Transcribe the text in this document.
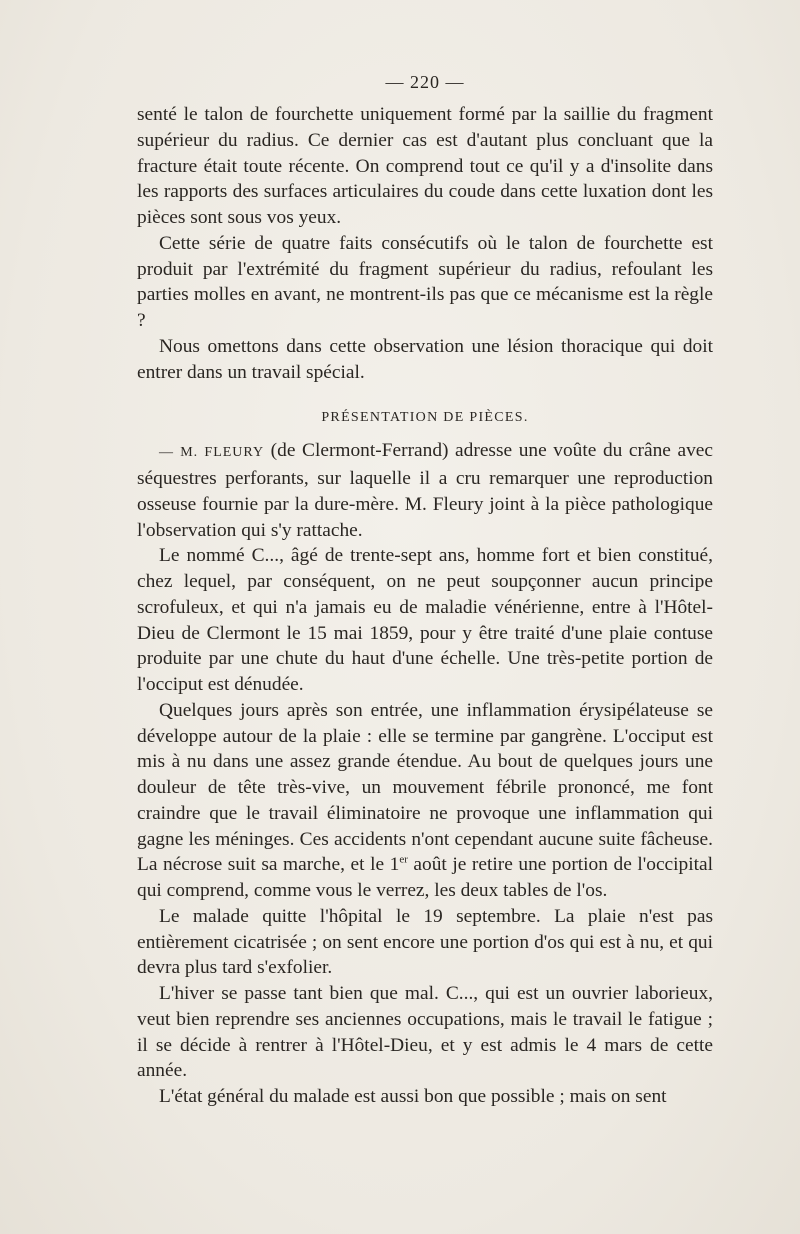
— 220 —

senté le talon de fourchette uniquement formé par la saillie du fragment supérieur du radius. Ce dernier cas est d'autant plus concluant que la fracture était toute récente. On comprend tout ce qu'il y a d'insolite dans les rapports des surfaces articulaires du coude dans cette luxation dont les pièces sont sous vos yeux.

Cette série de quatre faits consécutifs où le talon de fourchette est produit par l'extrémité du fragment supérieur du radius, refoulant les parties molles en avant, ne montrent-ils pas que ce mécanisme est la règle ?

Nous omettons dans cette observation une lésion thoracique qui doit entrer dans un travail spécial.

PRÉSENTATION DE PIÈCES.

— M. FLEURY (de Clermont-Ferrand) adresse une voûte du crâne avec séquestres perforants, sur laquelle il a cru remarquer une reproduction osseuse fournie par la dure-mère. M. Fleury joint à la pièce pathologique l'observation qui s'y rattache.

Le nommé C..., âgé de trente-sept ans, homme fort et bien constitué, chez lequel, par conséquent, on ne peut soupçonner aucun principe scrofuleux, et qui n'a jamais eu de maladie vénérienne, entre à l'Hôtel-Dieu de Clermont le 15 mai 1859, pour y être traité d'une plaie contuse produite par une chute du haut d'une échelle. Une très-petite portion de l'occiput est dénudée.

Quelques jours après son entrée, une inflammation érysipélateuse se développe autour de la plaie : elle se termine par gangrène. L'occiput est mis à nu dans une assez grande étendue. Au bout de quelques jours une douleur de tête très-vive, un mouvement fébrile prononcé, me font craindre que le travail éliminatoire ne provoque une inflammation qui gagne les méninges. Ces accidents n'ont cependant aucune suite fâcheuse. La nécrose suit sa marche, et le 1er août je retire une portion de l'occipital qui comprend, comme vous le verrez, les deux tables de l'os.

Le malade quitte l'hôpital le 19 septembre. La plaie n'est pas entièrement cicatrisée ; on sent encore une portion d'os qui est à nu, et qui devra plus tard s'exfolier.

L'hiver se passe tant bien que mal. C..., qui est un ouvrier laborieux, veut bien reprendre ses anciennes occupations, mais le travail le fatigue ; il se décide à rentrer à l'Hôtel-Dieu, et y est admis le 4 mars de cette année.

L'état général du malade est aussi bon que possible ; mais on sent
